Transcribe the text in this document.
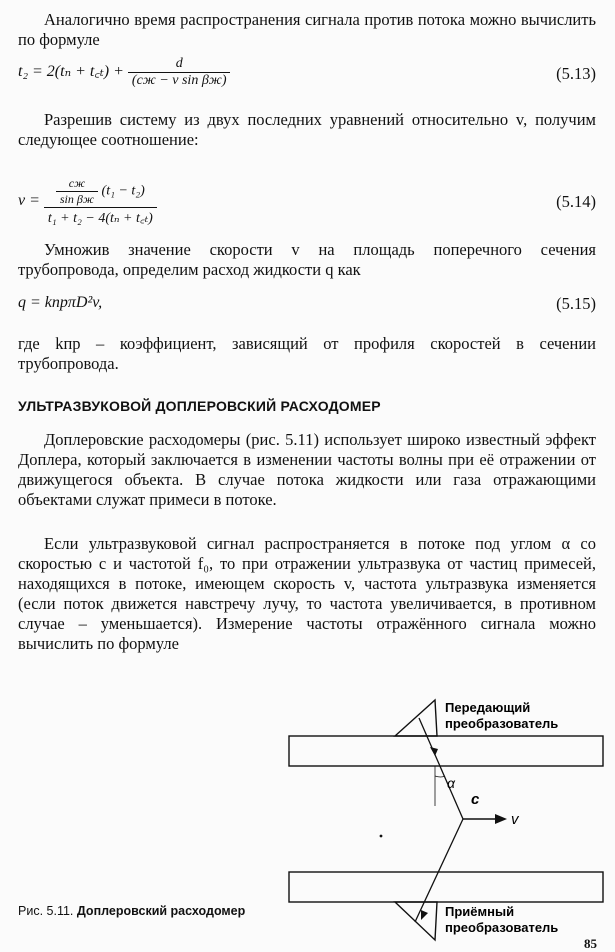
Аналогично время распространения сигнала против потока можно вычислить по формуле

t₂ = 2(tₙ + t꜀ₜ) + $\frac{d}{\text{(cж − v sin βж)}}$	(5.13)

Разрешив систему из двух последних уравнений относительно v, получим следующее соотношение:

$v = \frac{\frac{cж}{\text{sin βж}} (t_1 - t_2)}{\text{t₁ + t₂ − 4(tₙ + t꜀ₜ)}}$	(5.14)

Умножив значение скорости v на площадь поперечного сечения трубопровода, определим расход жидкости q как

q = kпрπD²v,	(5.15)

где kпр – коэффициент, зависящий от профиля скоростей в сечении трубопровода.

УЛЬТРАЗВУКОВОЙ ДОПЛЕРОВСКИЙ РАСХОДОМЕР

Доплеровские расходомеры (рис. 5.11) использует широко известный эффект Доплера, который заключается в изменении частоты волны при её отражении от движущегося объекта. В случае потока жидкости или газа отражающими объектами служат примеси в потоке.

Если ультразвуковой сигнал распространяется в потоке под углом α со скоростью c и частотой f₀, то при отражении ультразвука от частиц примесей, находящихся в потоке, имеющем скорость v, частота ультразвука изменяется (если поток движется навстречу лучу, то частота увеличивается, в противном случае – уменьшается). Измерение частоты отражённого сигнала можно вычислить по формуле

α
c
v
Передающий
преобразователь
Приёмный
преобразователь
Рис. 5.11. Доплеровский расходомер
85
